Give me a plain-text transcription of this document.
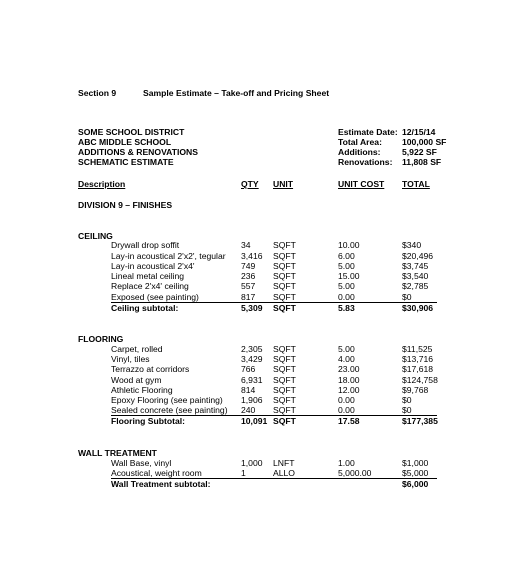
Section 9	Sample Estimate – Take-off and Pricing Sheet
SOME SCHOOL DISTRICT
ABC MIDDLE SCHOOL
ADDITIONS & RENOVATIONS
SCHEMATIC ESTIMATE
Estimate Date: 12/15/14
Total Area: 100,000 SF
Additions:	5,922 SF
Renovations: 11,808 SF
Description	QTY UNIT	UNIT COST TOTAL
DIVISION 9 – FINISHES
CEILING
Drywall drop soffit	34	SQFT	10.00	$340
Lay-in acoustical 2'x2', tegular 3,416 SQFT	6.00	$20,496
Lay-in acoustical 2'x4'	749 SQFT	5.00	$3,745
Lineal metal ceiling	236 SQFT	15.00	$3,540
Replace 2'x4' ceiling	557 SQFT	5.00	$2,785
Exposed (see painting)	817 SQFT	0.00	$0
Ceiling subtotal:	5,309 SQFT	5.83	$30,906
FLOORING
Carpet, rolled	2,305 SQFT	5.00	$11,525
Vinyl, tiles	3,429 SQFT	4.00	$13,716
Terrazzo at corridors	766 SQFT	23.00	$17,618
Wood at gym	6,931 SQFT	18.00	$124,758
Athletic Flooring	814 SQFT	12.00	$9,768
Epoxy Flooring (see painting) 1,906 SQFT	0.00	$0
Sealed concrete (see painting) 240 SQFT	0.00	$0
Flooring Subtotal:	10,091 SQFT	17.58	$177,385
WALL TREATMENT
Wall Base, vinyl	1,000 LNFT	1.00	$1,000
Acoustical, weight room	1	ALLO	5,000.00	$5,000
Wall Treatment subtotal:	$6,000
